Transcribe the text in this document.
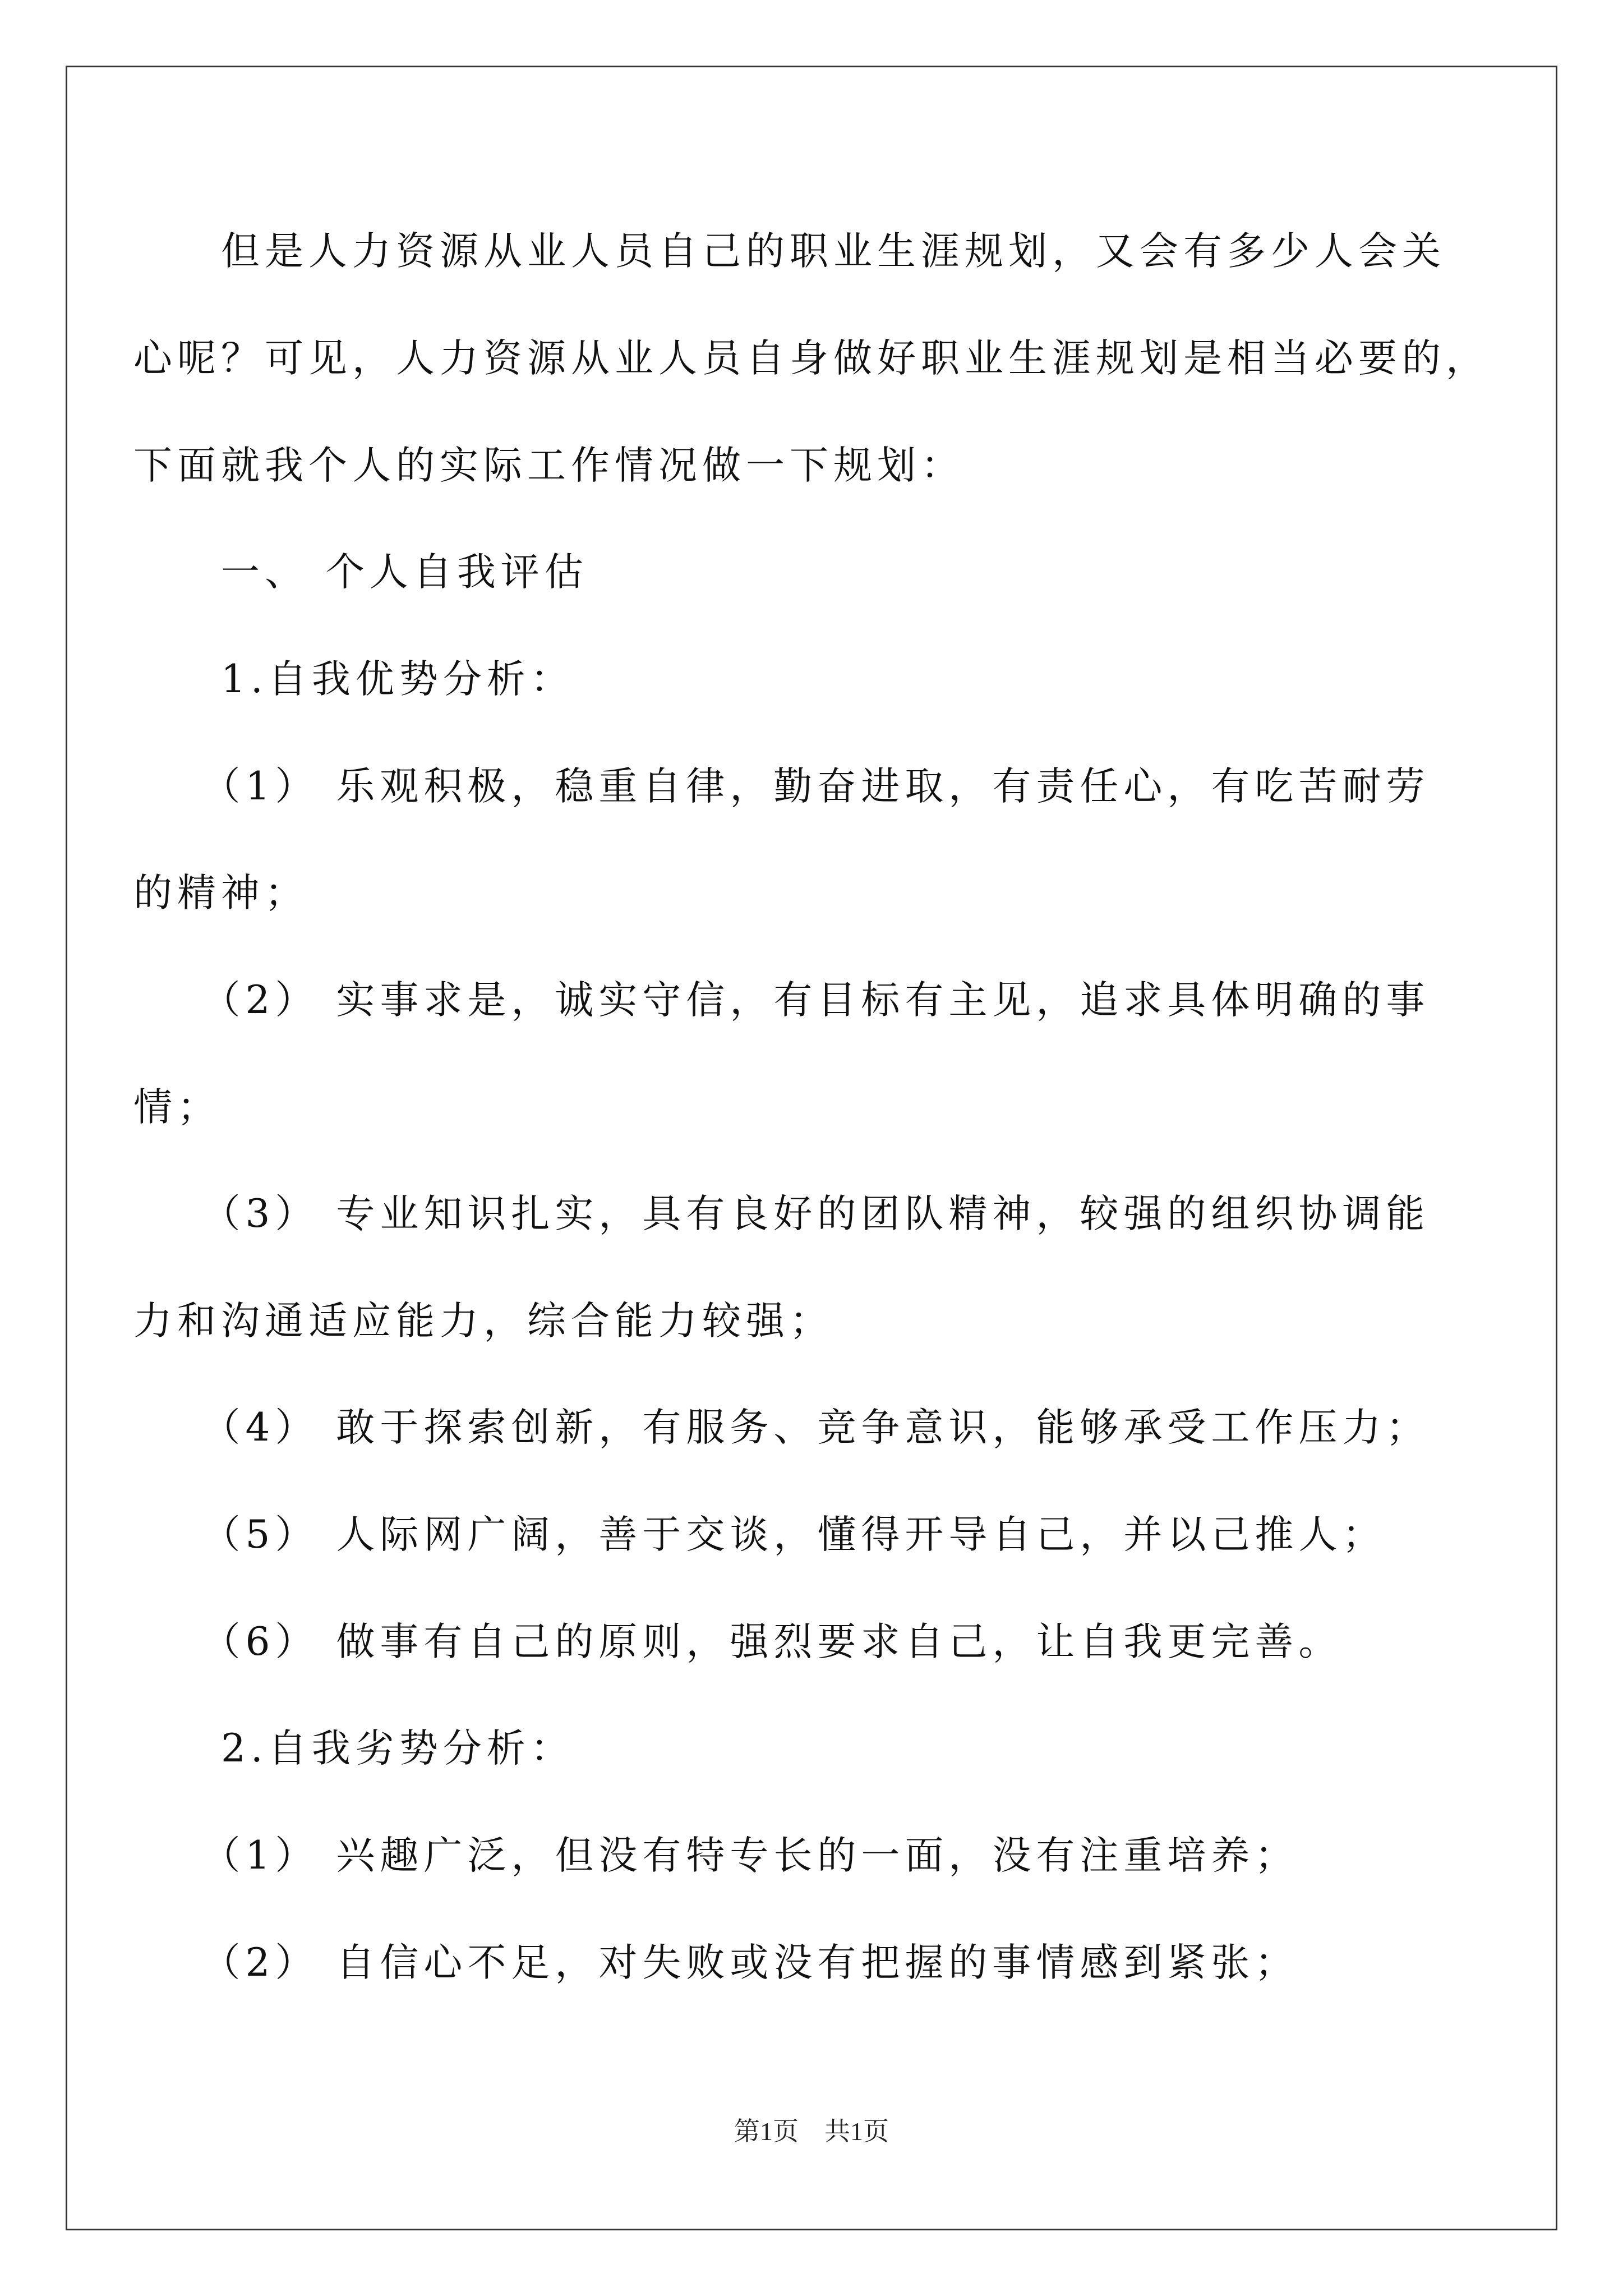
　　但是人力资源从业人员自己的职业生涯规划，又会有多少人会关
心呢？可见，人力资源从业人员自身做好职业生涯规划是相当必要的，
下面就我个人的实际工作情况做一下规划：
　　一、 个人自我评估
　　1.自我优势分析：
　　（1） 乐观积极，稳重自律，勤奋进取，有责任心，有吃苦耐劳
的精神；
　　（2） 实事求是，诚实守信，有目标有主见，追求具体明确的事
情；
　　（3） 专业知识扎实，具有良好的团队精神，较强的组织协调能
力和沟通适应能力，综合能力较强；
　　（4） 敢于探索创新，有服务、竞争意识，能够承受工作压力；
　　（5） 人际网广阔，善于交谈，懂得开导自己，并以己推人；
　　（6） 做事有自己的原则，强烈要求自己，让自我更完善。
　　2.自我劣势分析：
　　（1） 兴趣广泛，但没有特专长的一面，没有注重培养；
　　（2） 自信心不足，对失败或没有把握的事情感到紧张；
第1页　共1页
